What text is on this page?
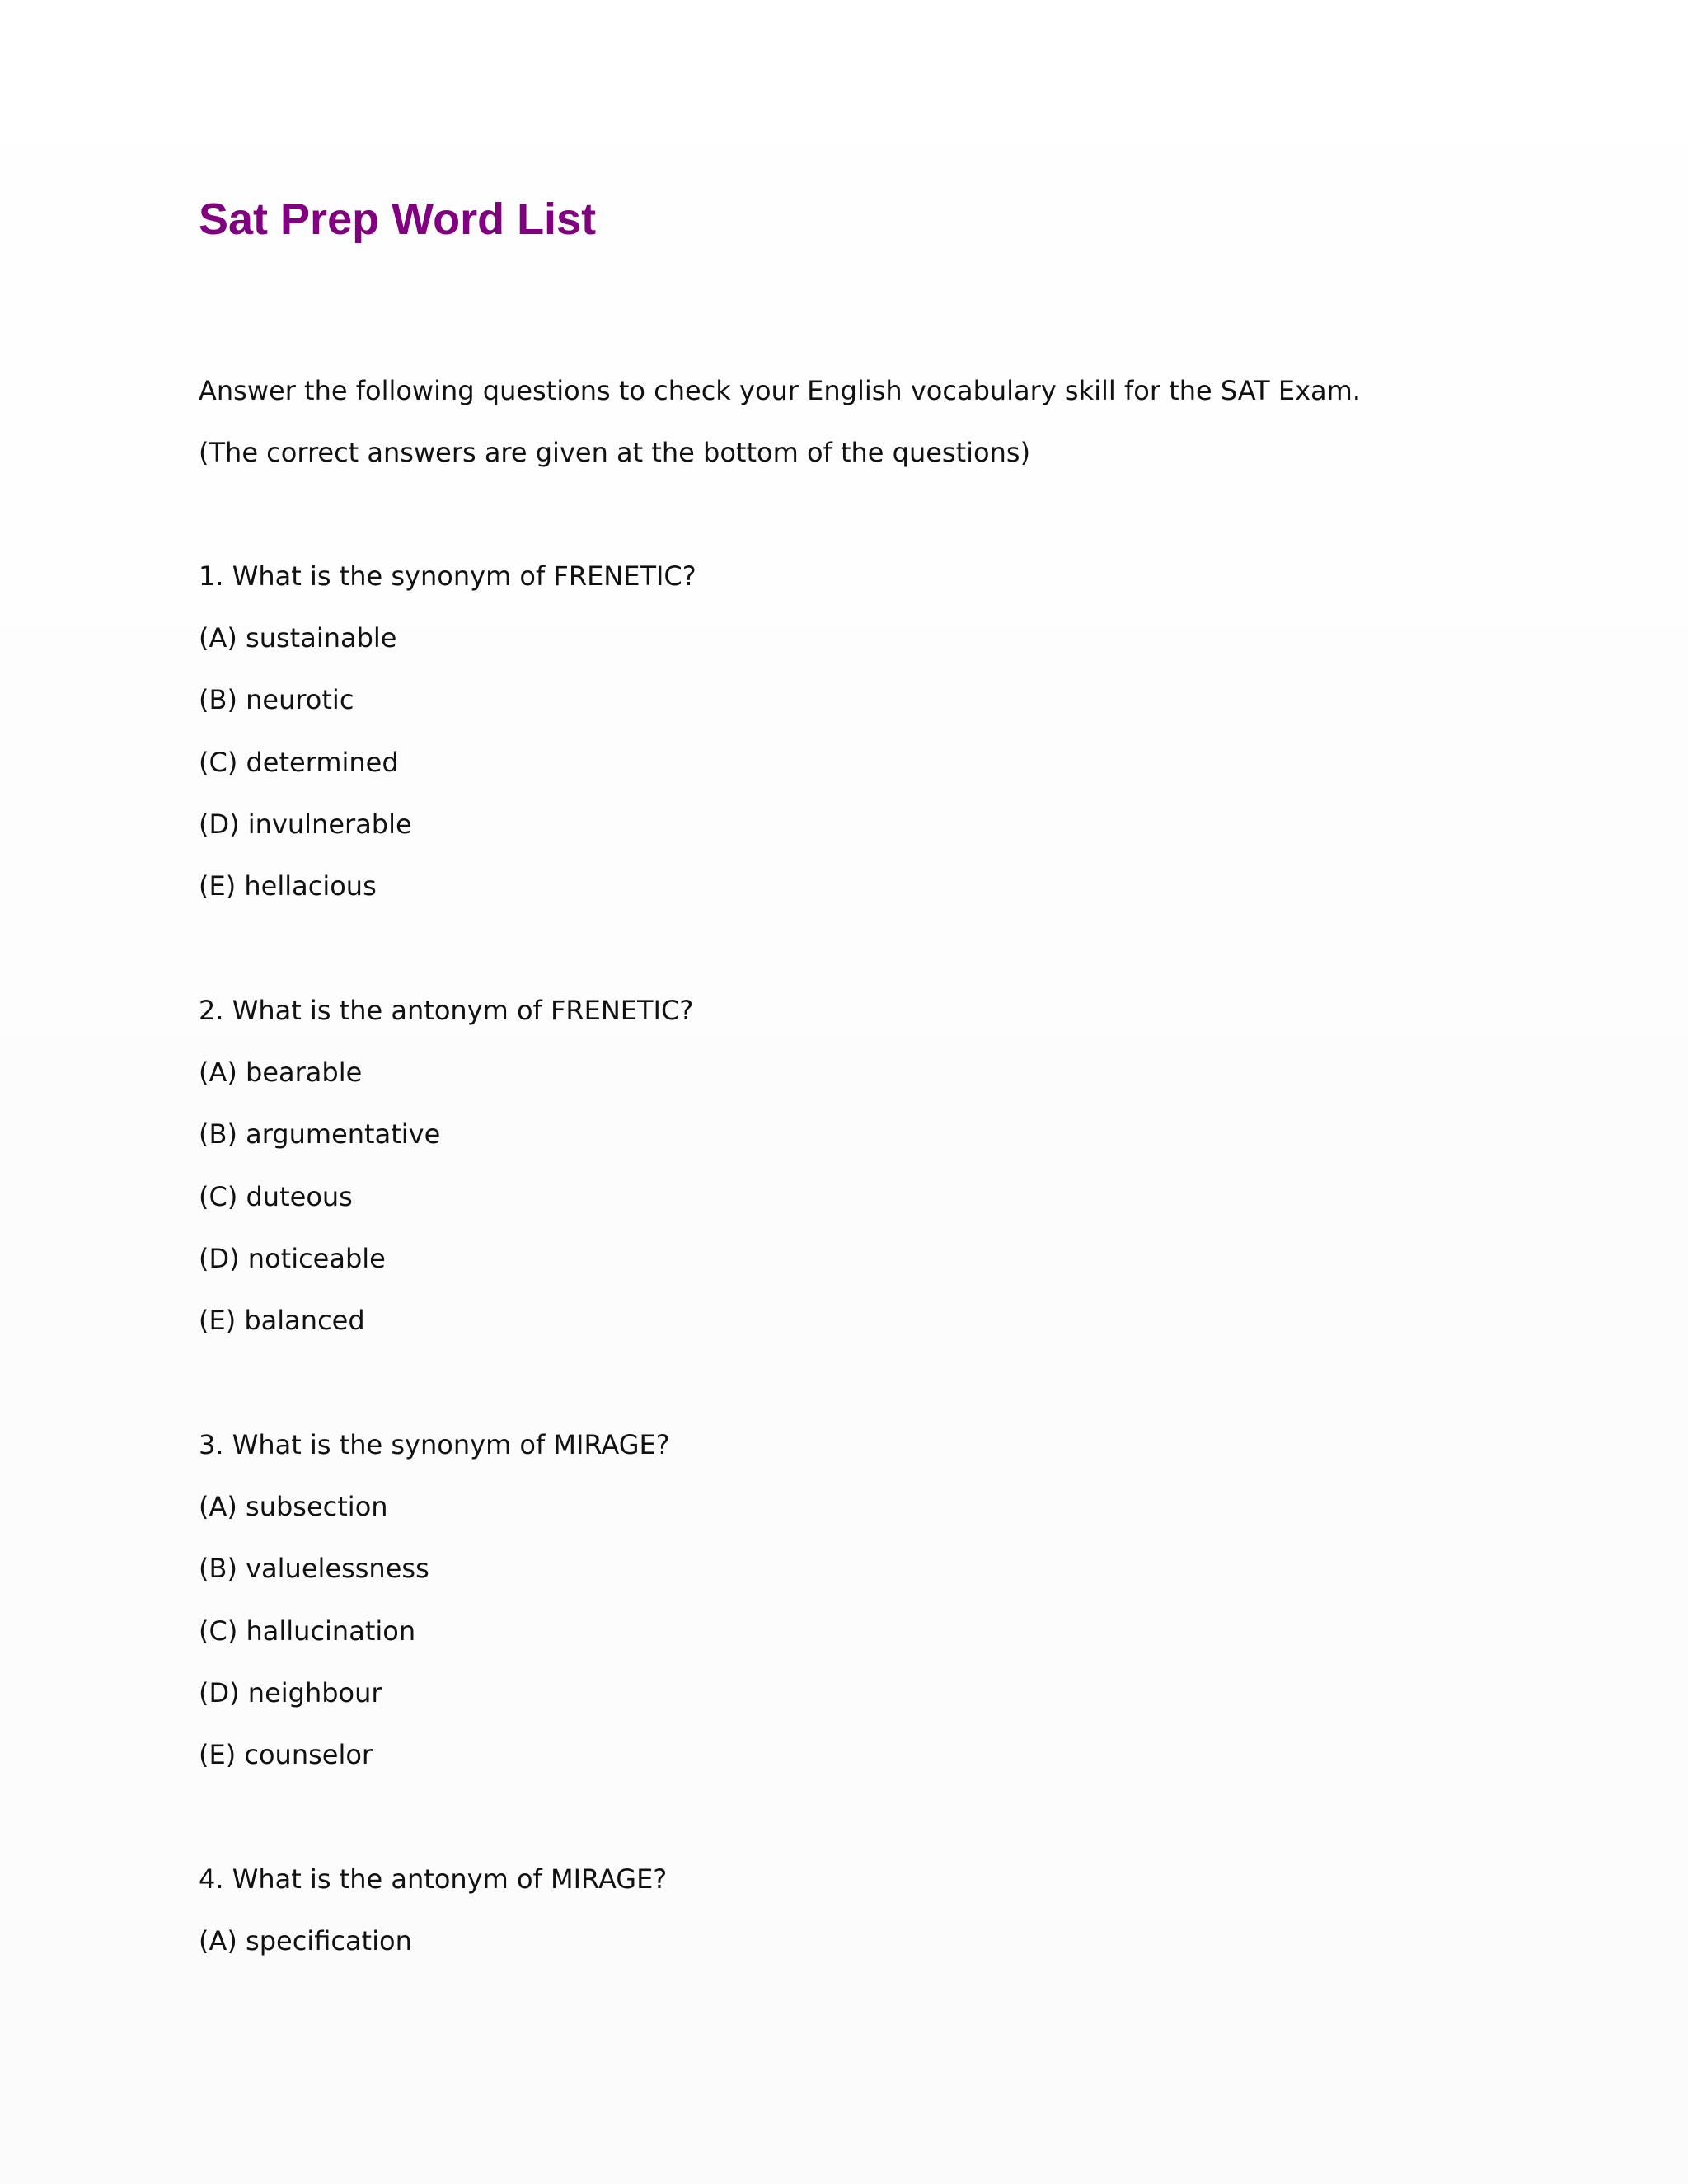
Sat Prep Word List

Answer the following questions to check your English vocabulary skill for the SAT Exam.

(The correct answers are given at the bottom of the questions)

1. What is the synonym of FRENETIC?

(A) sustainable

(B) neurotic

(C) determined

(D) invulnerable

(E) hellacious

2. What is the antonym of FRENETIC?

(A) bearable

(B) argumentative

(C) duteous

(D) noticeable

(E) balanced

3. What is the synonym of MIRAGE?

(A) subsection

(B) valuelessness

(C) hallucination

(D) neighbour

(E) counselor

4. What is the antonym of MIRAGE?

(A) specification
